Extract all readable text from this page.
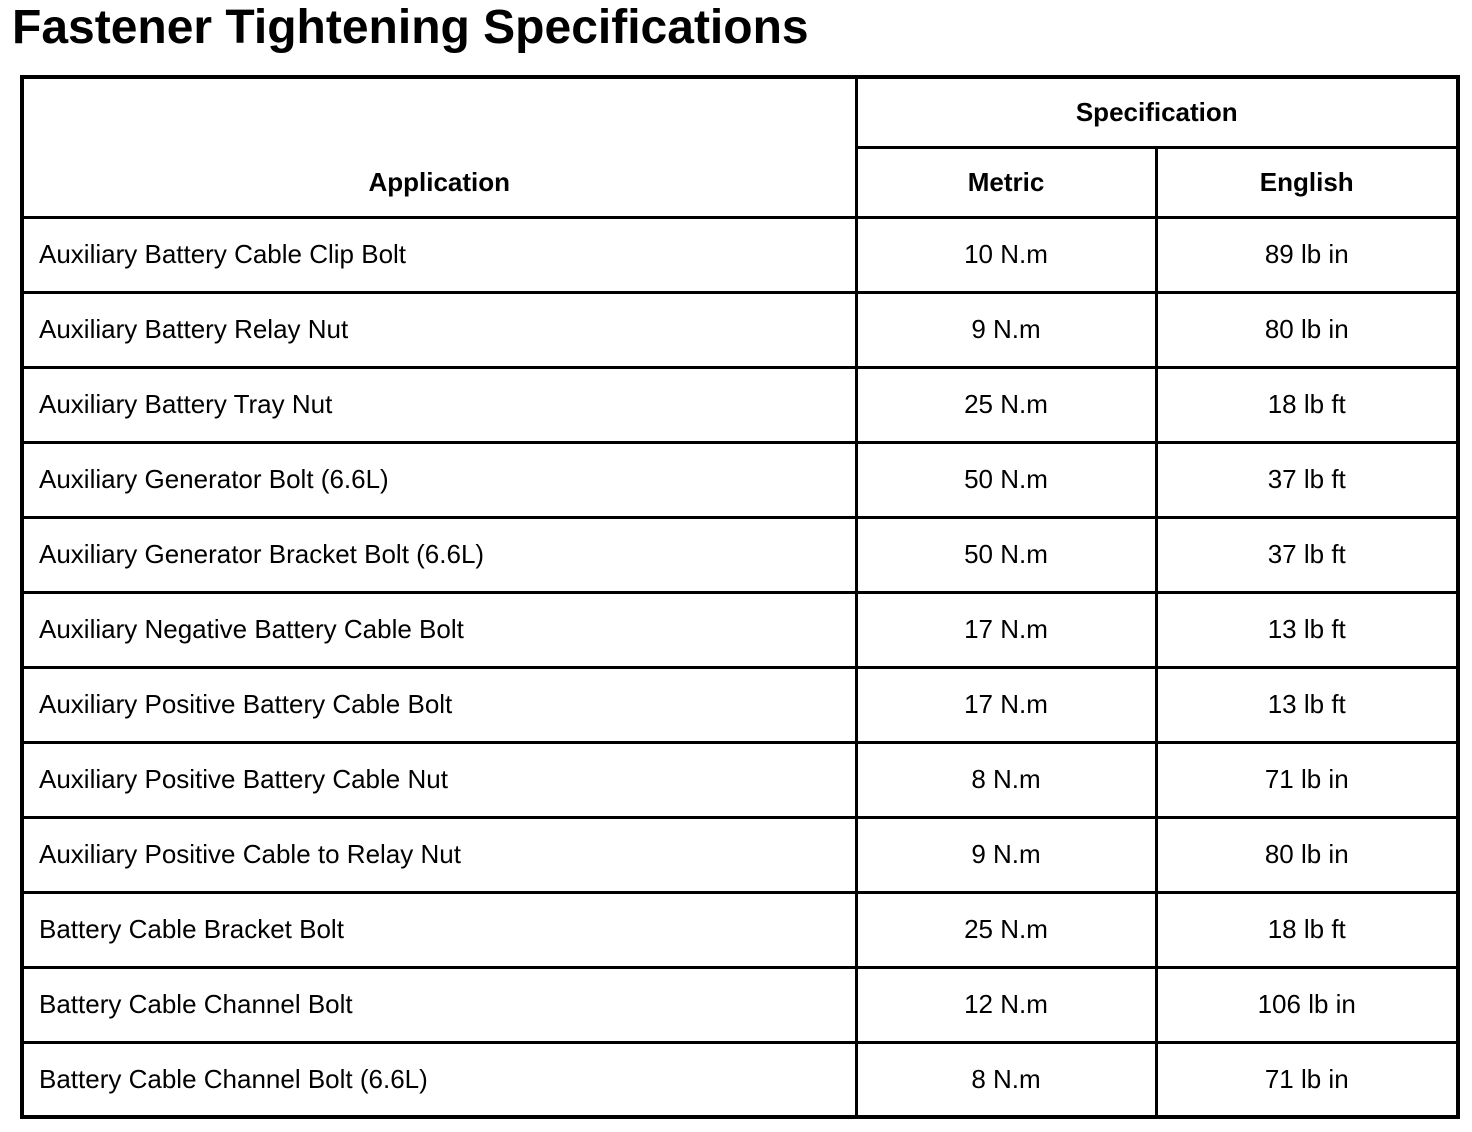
Fastener Tightening Specifications
Application	Specification	
	Metric	English
Auxiliary Battery Cable Clip Bolt	10 N.m	89 lb in
Auxiliary Battery Relay Nut	9 N.m	80 lb in
Auxiliary Battery Tray Nut	25 N.m	18 lb ft
Auxiliary Generator Bolt (6.6L)	50 N.m	37 lb ft
Auxiliary Generator Bracket Bolt (6.6L)	50 N.m	37 lb ft
Auxiliary Negative Battery Cable Bolt	17 N.m	13 lb ft
Auxiliary Positive Battery Cable Bolt	17 N.m	13 lb ft
Auxiliary Positive Battery Cable Nut	8 N.m	71 lb in
Auxiliary Positive Cable to Relay Nut	9 N.m	80 lb in
Battery Cable Bracket Bolt	25 N.m	18 lb ft
Battery Cable Channel Bolt	12 N.m	106 lb in
Battery Cable Channel Bolt (6.6L)	8 N.m	71 lb in
